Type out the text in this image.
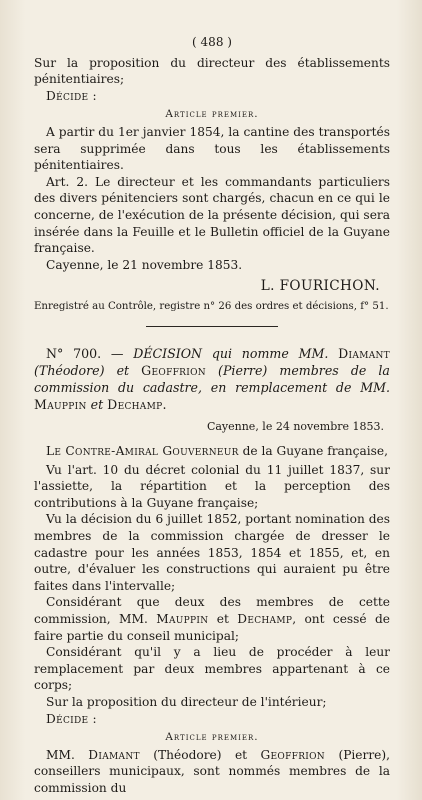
( 488 )

Sur la proposition du directeur des établissements pénitentiaires;

Décide :

Article premier.

A partir du 1er janvier 1854, la cantine des transportés sera supprimée dans tous les établissements pénitentiaires.

Art. 2. Le directeur et les commandants particuliers des divers pénitenciers sont chargés, chacun en ce qui le concerne, de l'exécution de la présente décision, qui sera insérée dans la Feuille et le Bulletin officiel de la Guyane française.

Cayenne, le 21 novembre 1853.

L. FOURICHON.
Enregistré au Contrôle, registre n° 26 des ordres et décisions, f° 51.

N° 700. — DÉCISION qui nomme MM. Diamant (Théodore) et Geoffrion (Pierre) membres de la commission du cadastre, en remplacement de MM. Mauppin et Dechamp.

Cayenne, le 24 novembre 1853.

Le Contre-Amiral Gouverneur de la Guyane française,

Vu l'art. 10 du décret colonial du 11 juillet 1837, sur l'assiette, la répartition et la perception des contributions à la Guyane française;

Vu la décision du 6 juillet 1852, portant nomination des membres de la commission chargée de dresser le cadastre pour les années 1853, 1854 et 1855, et, en outre, d'évaluer les constructions qui auraient pu être faites dans l'intervalle;

Considérant que deux des membres de cette commission, MM. Mauppin et Dechamp, ont cessé de faire partie du conseil municipal;

Considérant qu'il y a lieu de procéder à leur remplacement par deux membres appartenant à ce corps;

Sur la proposition du directeur de l'intérieur;

Décide :

Article premier.

MM. Diamant (Théodore) et Geoffrion (Pierre), conseillers municipaux, sont nommés membres de la commission du
